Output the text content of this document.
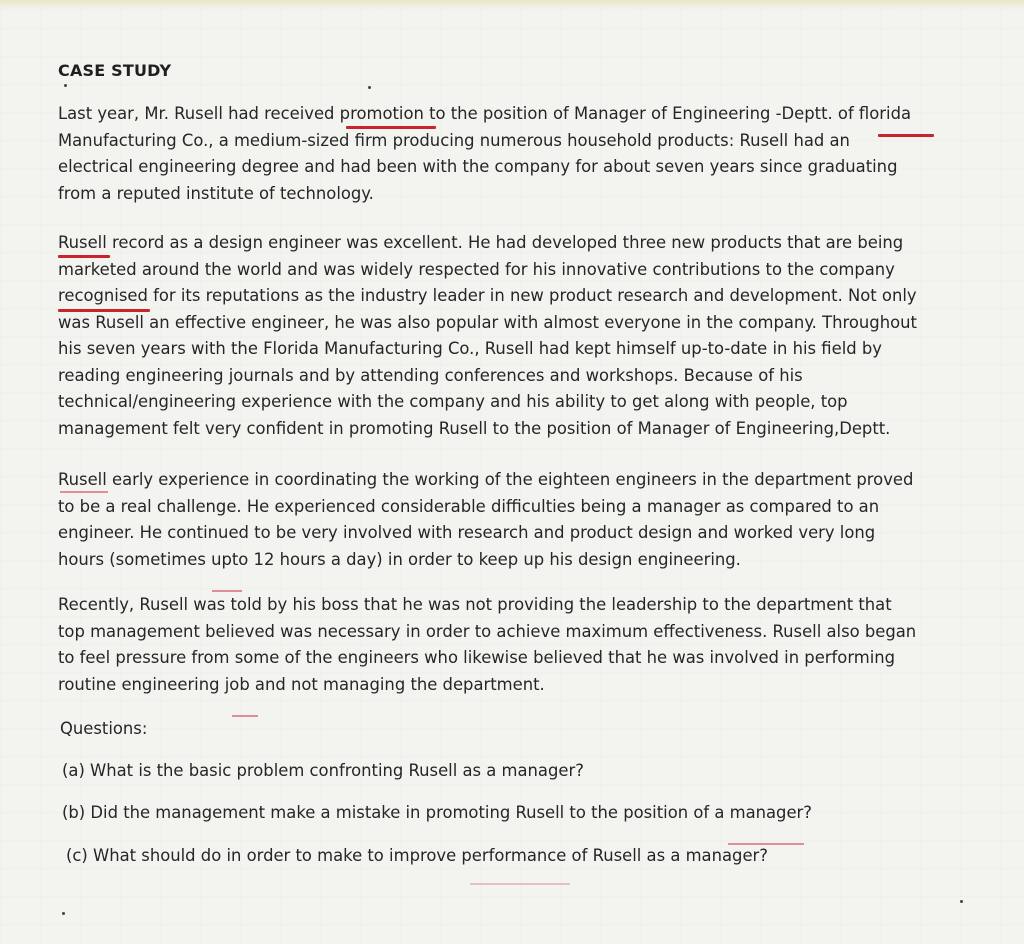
CASE STUDY

Last year, Mr. Rusell had received promotion to the position of Manager of Engineering -Deptt. of florida
Manufacturing Co., a medium-sized firm producing numerous household products: Rusell had an
electrical engineering degree and had been with the company for about seven years since graduating
from a reputed institute of technology.

Rusell record as a design engineer was excellent. He had developed three new products that are being
marketed around the world and was widely respected for his innovative contributions to the company
recognised for its reputations as the industry leader in new product research and development. Not only
was Rusell an effective engineer, he was also popular with almost everyone in the company. Throughout
his seven years with the Florida Manufacturing Co., Rusell had kept himself up-to-date in his field by
reading engineering journals and by attending conferences and workshops. Because of his
technical/engineering experience with the company and his ability to get along with people, top
management felt very confident in promoting Rusell to the position of Manager of Engineering,Deptt.

Rusell early experience in coordinating the working of the eighteen engineers in the department proved
to be a real challenge. He experienced considerable difficulties being a manager as compared to an
engineer. He continued to be very involved with research and product design and worked very long
hours (sometimes upto 12 hours a day) in order to keep up his design engineering.

Recently, Rusell was told by his boss that he was not providing the leadership to the department that
top management believed was necessary in order to achieve maximum effectiveness. Rusell also began
to feel pressure from some of the engineers who likewise believed that he was involved in performing
routine engineering job and not managing the department.

Questions:
(a) What is the basic problem confronting Rusell as a manager?
(b) Did the management make a mistake in promoting Rusell to the position of a manager?
(c) What should do in order to make to improve performance of Rusell as a manager?
